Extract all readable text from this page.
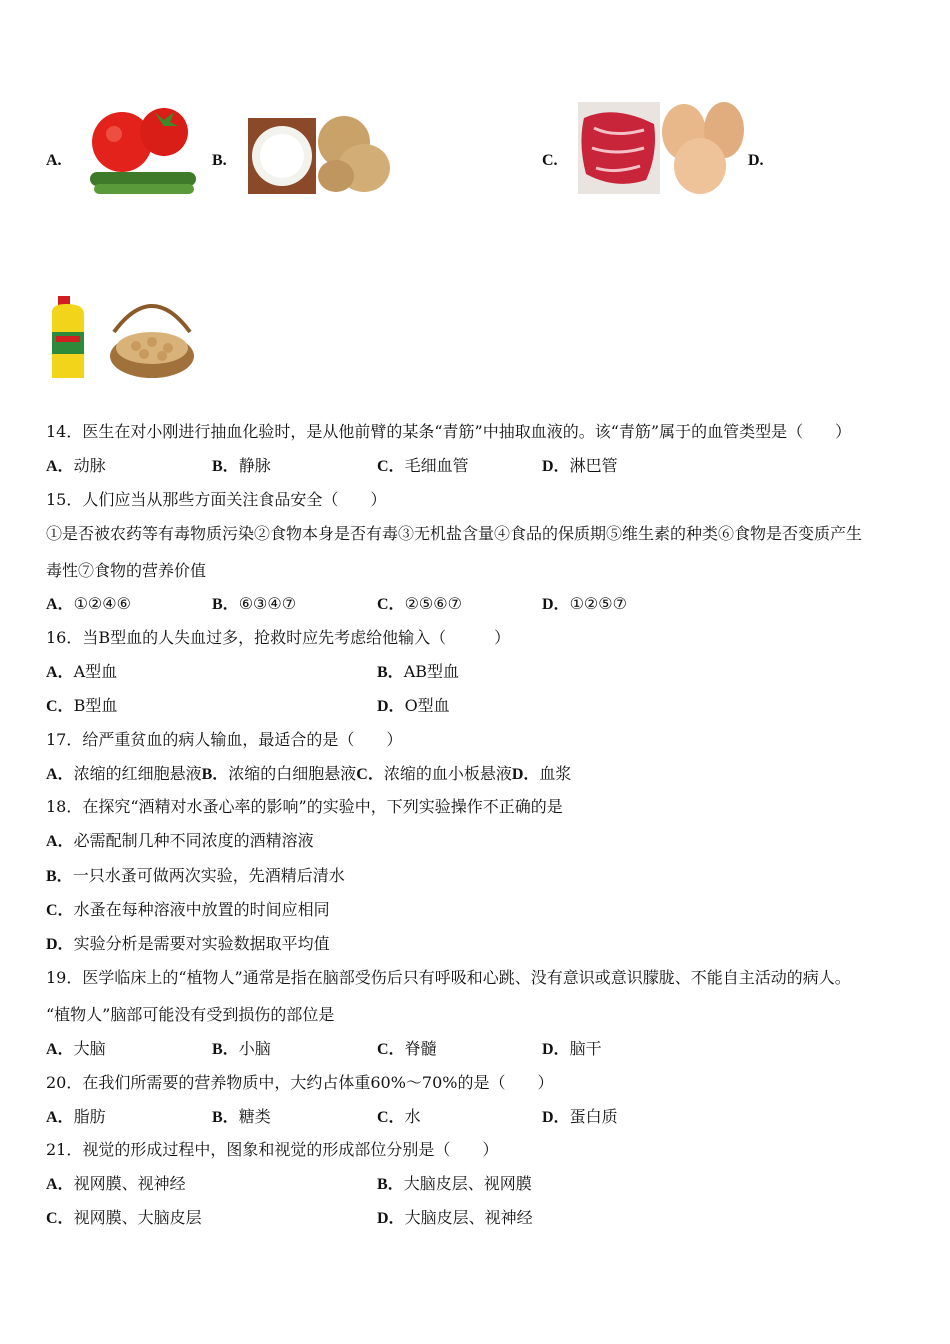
A.	B.	C.	D.
14．医生在对小刚进行抽血化验时，是从他前臂的某条“青筋”中抽取血液的。该“青筋”属于的血管类型是（　　）
A．动脉	B．静脉	C．毛细血管	D．淋巴管
15．人们应当从那些方面关注食品安全（　　）
①是否被农药等有毒物质污染②食物本身是否有毒③无机盐含量④食品的保质期⑤维生素的种类⑥食物是否变质产生
毒性⑦食物的营养价值
A．①②④⑥	B．⑥③④⑦	C．②⑤⑥⑦	D．①②⑤⑦
16．当B型血的人失血过多，抢救时应先考虑给他输入（　　　）
A．A型血	B．AB型血
C．B型血	D．O型血
17．给严重贫血的病人输血，最适合的是（　　）
A．浓缩的红细胞悬液B．浓缩的白细胞悬液C．浓缩的血小板悬液D．血浆
18．在探究“酒精对水蚤心率的影响”的实验中，下列实验操作不正确的是
A．必需配制几种不同浓度的酒精溶液
B．一只水蚤可做两次实验，先酒精后清水
C．水蚤在每种溶液中放置的时间应相同
D．实验分析是需要对实验数据取平均值
19．医学临床上的“植物人”通常是指在脑部受伤后只有呼吸和心跳、没有意识或意识朦胧、不能自主活动的病人。
“植物人”脑部可能没有受到损伤的部位是
A．大脑	B．小脑	C．脊髓	D．脑干
20．在我们所需要的营养物质中，大约占体重60%～70%的是（　　）
A．脂肪	B．糖类	C．水	D．蛋白质
21．视觉的形成过程中，图象和视觉的形成部位分别是（　　）
A．视网膜、视神经	B．大脑皮层、视网膜
C．视网膜、大脑皮层	D．大脑皮层、视神经
